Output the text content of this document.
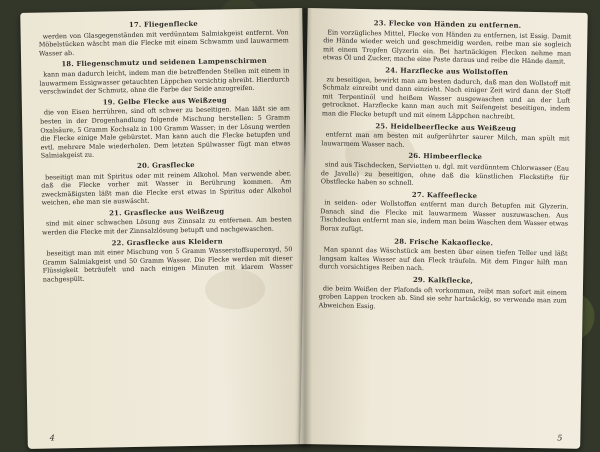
17. Fliegenflecke
werden von Glasgegenständen mit verdünntem Salmiakgeist entfernt. Von Möbelstücken wäscht man die Flecke mit einem Schwamm und lauwarmem Wasser ab.
18. Fliegenschmutz und seidenen Lampenschirmen
kann man dadurch leicht, indem man die betreffenden Stellen mit einem in lauwarmem Essigwasser getauchten Läppchen vorsichtig abreibt. Hierdurch verschwindet der Schmutz, ohne die Farbe der Seide anzugreifen.
19. Gelbe Flecke aus Weißzeug
die von Eisen herrühren, sind oft schwer zu beseitigen. Man läßt sie am besten in der Drogenhandlung folgende Mischung herstellen: 5 Gramm Oxalsäure, 5 Gramm Kochsalz in 100 Gramm Wasser; in der Lösung werden die Flecke einige Male gebürstet. Man kann auch die Flecke betupfen und evtl. mehrere Male wiederholen. Dem letzten Spülwasser fügt man etwas Salmiakgeist zu.
20. Grasflecke
beseitigt man mit Spiritus oder mit reinem Alkohol. Man verwende aber, daß die Flecke vorher mit Wasser in Berührung kommen. Am zweckmäßigsten läßt man die Flecke erst etwas in Spiritus oder Alkohol weichen, ehe man sie auswäscht.
21. Grasflecke aus Weißzeug
sind mit einer schwachen Lösung aus Zinnsalz zu entfernen. Am besten werden die Flecke mit der Zinnsalzlösung betupft und nachgewaschen.
22. Grasflecke aus Kleidern
beseitigt man mit einer Mischung von 5 Gramm Wasserstoffsuperoxyd, 50 Gramm Salmiakgeist und 50 Gramm Wasser. Die Flecke werden mit dieser Flüssigkeit beträufelt und nach einigen Minuten mit klarem Wasser nachgespült.
4
23. Flecke von Händen zu entfernen.
Ein vorzügliches Mittel, Flecke von Händen zu entfernen, ist Essig. Damit die Hände wieder weich und geschmeidig werden, reibe man sie sogleich mit einem Tropfen Glyzerin ein. Bei hartnäckigen Flecken nehme man etwas Öl und Zucker, mache eine Paste daraus und reibe die Hände damit.
24. Harzflecke aus Wollstoffen
zu beseitigen, bewirkt man am besten dadurch, daß man den Wollstoff mit Schmalz einreibt und dann einzieht. Nach einiger Zeit wird dann der Stoff mit Terpentinöl und heißem Wasser ausgewaschen und an der Luft getrocknet. Harzflecke kann man auch mit Seifengeist beseitigen, indem man die Flecke betupft und mit einem Läppchen nachreibt.
25. Heidelbeerflecke aus Weißzeug
entfernt man am besten mit aufgerührter saurer Milch, man spült mit lauwarmem Wasser nach.
26. Himbeerflecke
sind aus Tischdecken, Servietten u. dgl. mit verdünntem Chlorwasser (Eau de Javelle) zu beseitigen, ohne daß die künstlichen Fleckstifte für Obstflecke haben so schnell.
27. Kaffeeflecke
in seiden- oder Wollstoffen entfernt man durch Betupfen mit Glyzerin. Danach sind die Flecke mit lauwarmem Wasser auszuwaschen. Aus Tischdecken entfernt man sie, indem man beim Waschen dem Wasser etwas Borax zufügt.
28. Frische Kakaoflecke.
Man spannt das Wäschstück am besten über einen tiefen Teller und läßt langsam kaltes Wasser auf den Fleck träufeln. Mit dem Finger hilft man durch vorsichtiges Reiben nach.
29. Kalkflecke,
die beim Weißen der Plafonds oft vorkommen, reibt man sofort mit einem groben Lappen trocken ab. Sind sie sehr hartnäckig, so verwende man zum Abweichen Essig.
5
